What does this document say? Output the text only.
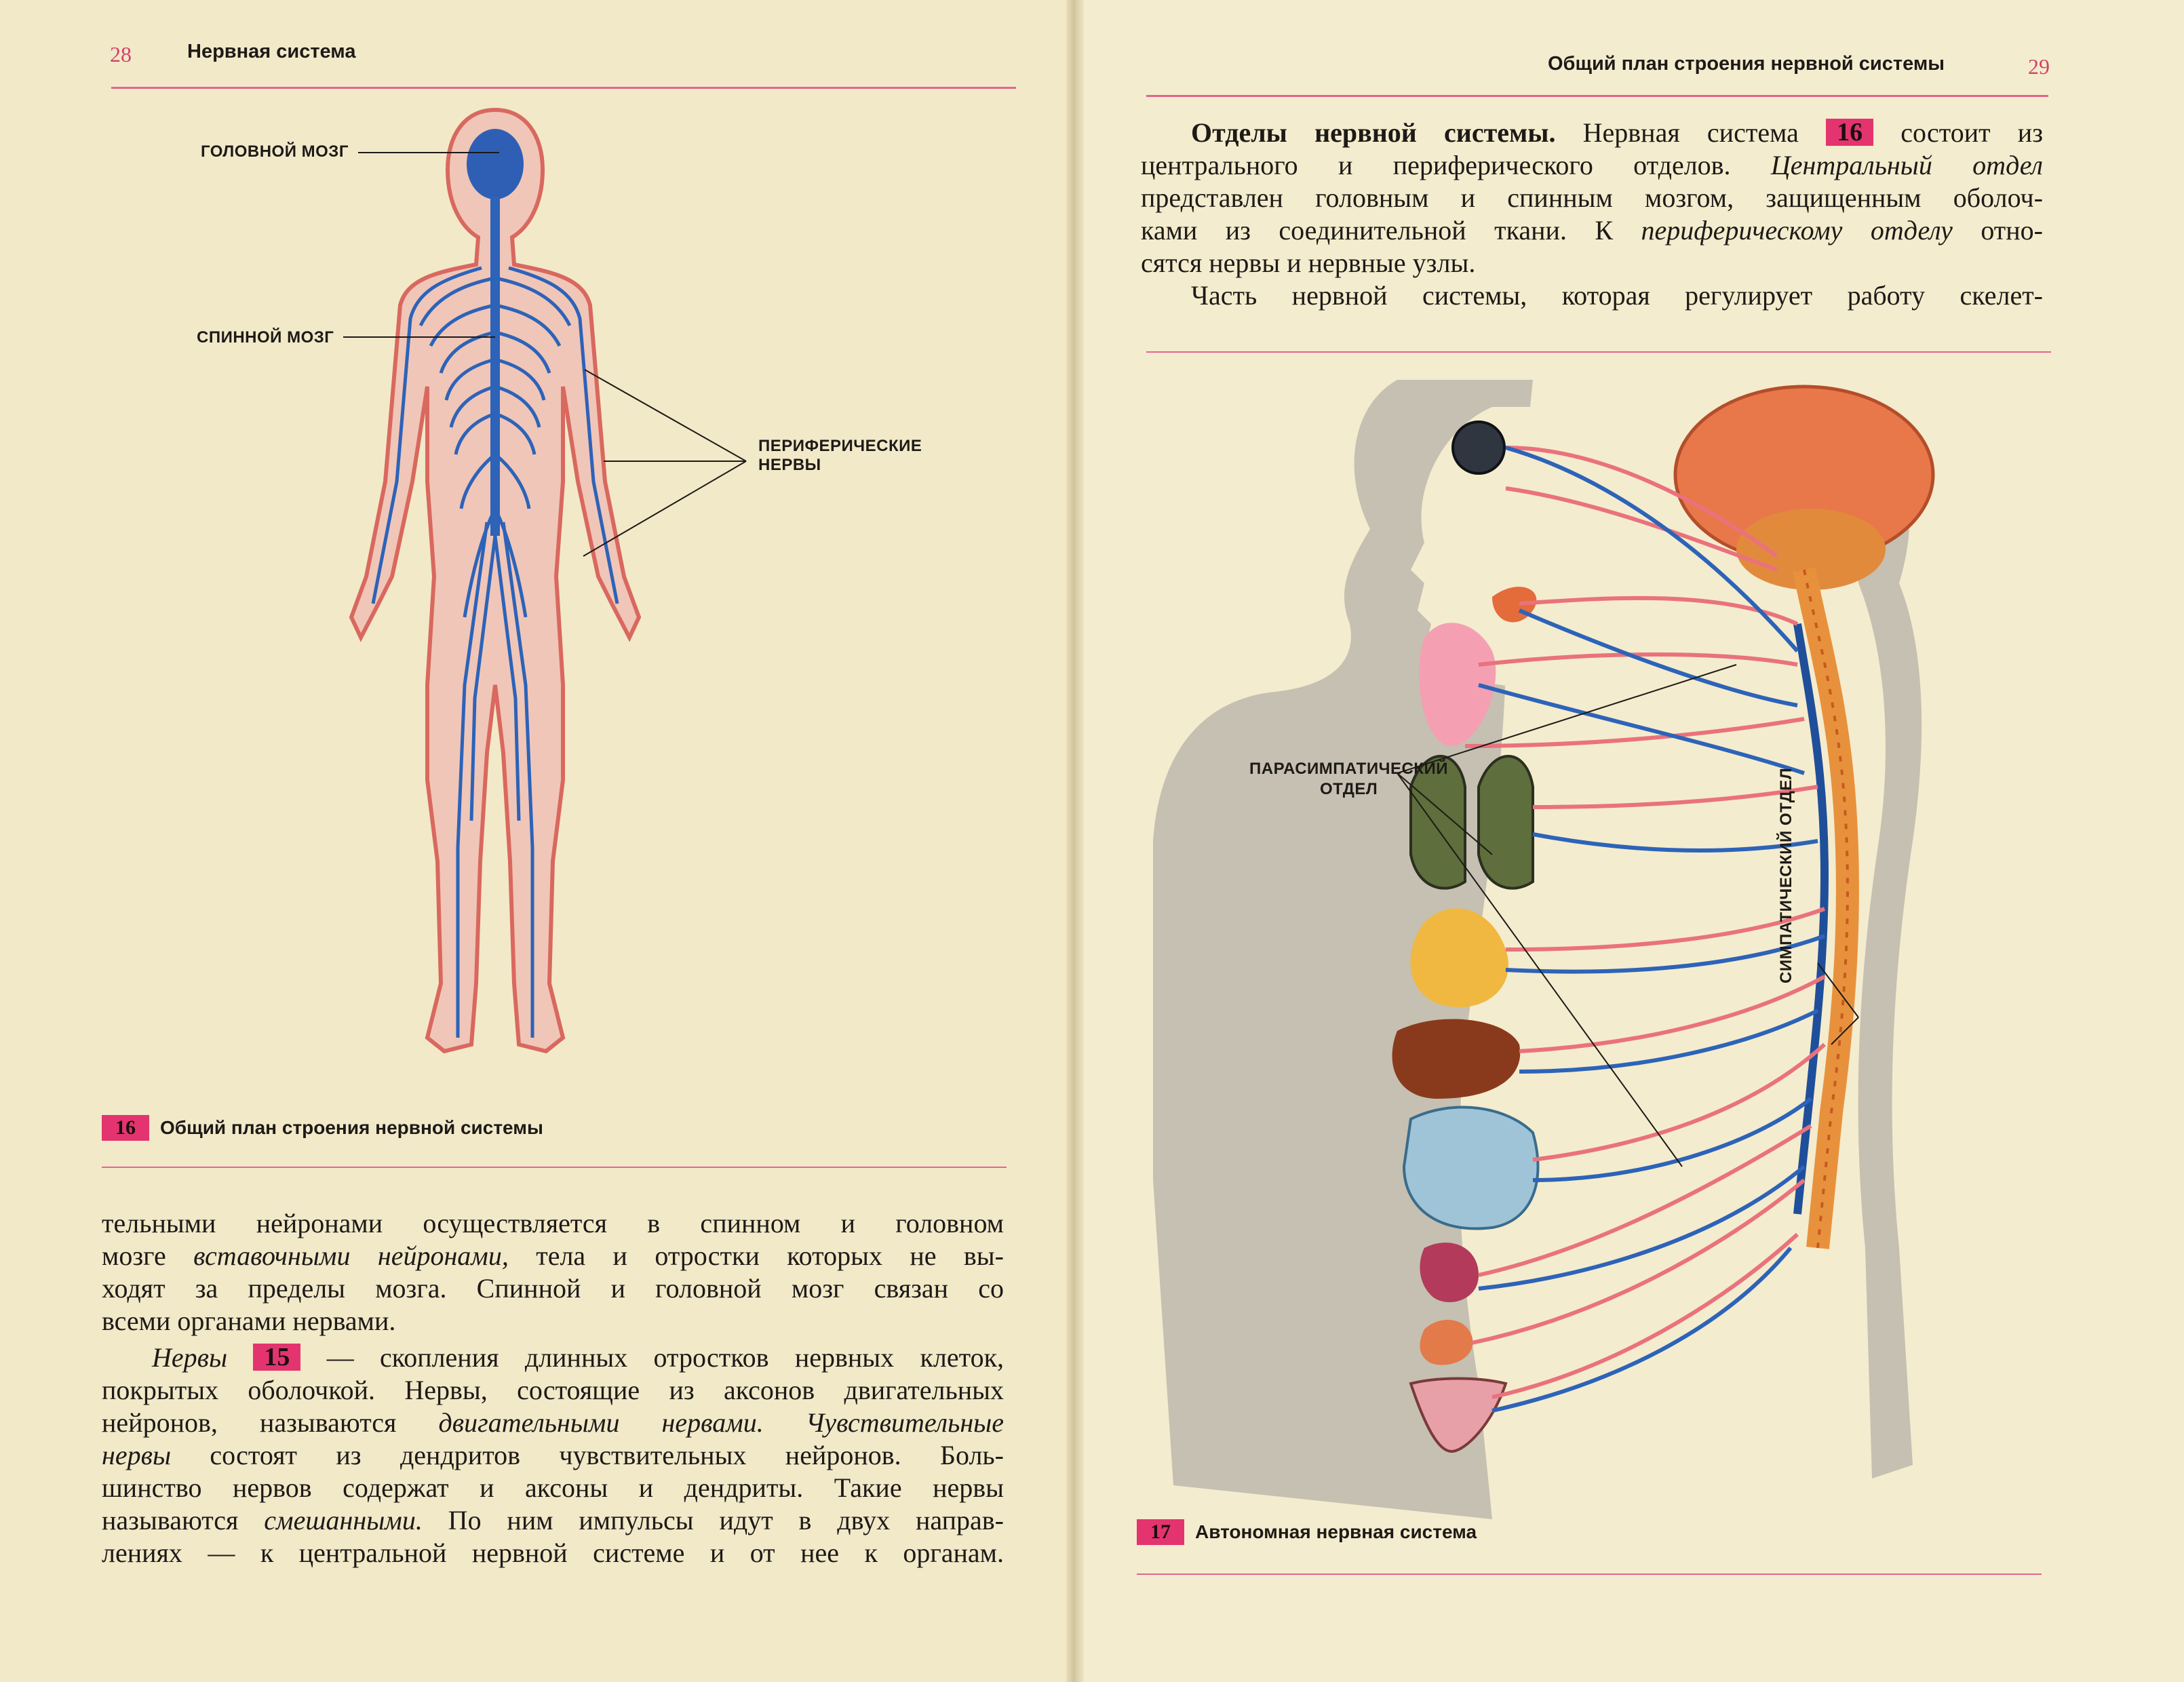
28	Нервная система
ГОЛОВНОЙ МОЗГ
СПИННОЙ МОЗГ
ПЕРИФЕРИЧЕСКИЕ
НЕРВЫ
16	Общий план строения нервной системы

тельными нейронами осуществляется в спинном и головном

мозге вставочными нейронами, тела и отростки которых не вы-

ходят за пределы мозга. Спинной и головной мозг связан со

всеми органами нервами.

Нервы 15 — скопления длинных отростков нервных клеток,

покрытых оболочкой. Нервы, состоящие из аксонов двигательных

нейронов, называются двигательными нервами. Чувствительные

нервы состоят из дендритов чувствительных нейронов. Боль-

шинство нервов содержат и аксоны и дендриты. Такие нервы

называются смешанными. По ним импульсы идут в двух направ-

лениях — к центральной нервной системе и от нее к органам.

Общий план строения нервной системы	29

Отделы нервной системы. Нервная система 16 состоит из

центрального и периферического отделов. Центральный отдел

представлен головным и спинным мозгом, защищенным оболоч-

ками из соединительной ткани. К периферическому отделу отно-

сятся нервы и нервные узлы.

Часть нервной системы, которая регулирует работу скелет-

ПАРАСИМПАТИЧЕСКИЙ
ОТДЕЛ	СИМПАТИЧЕСКИЙ ОТДЕЛ
17	Автономная нервная система
